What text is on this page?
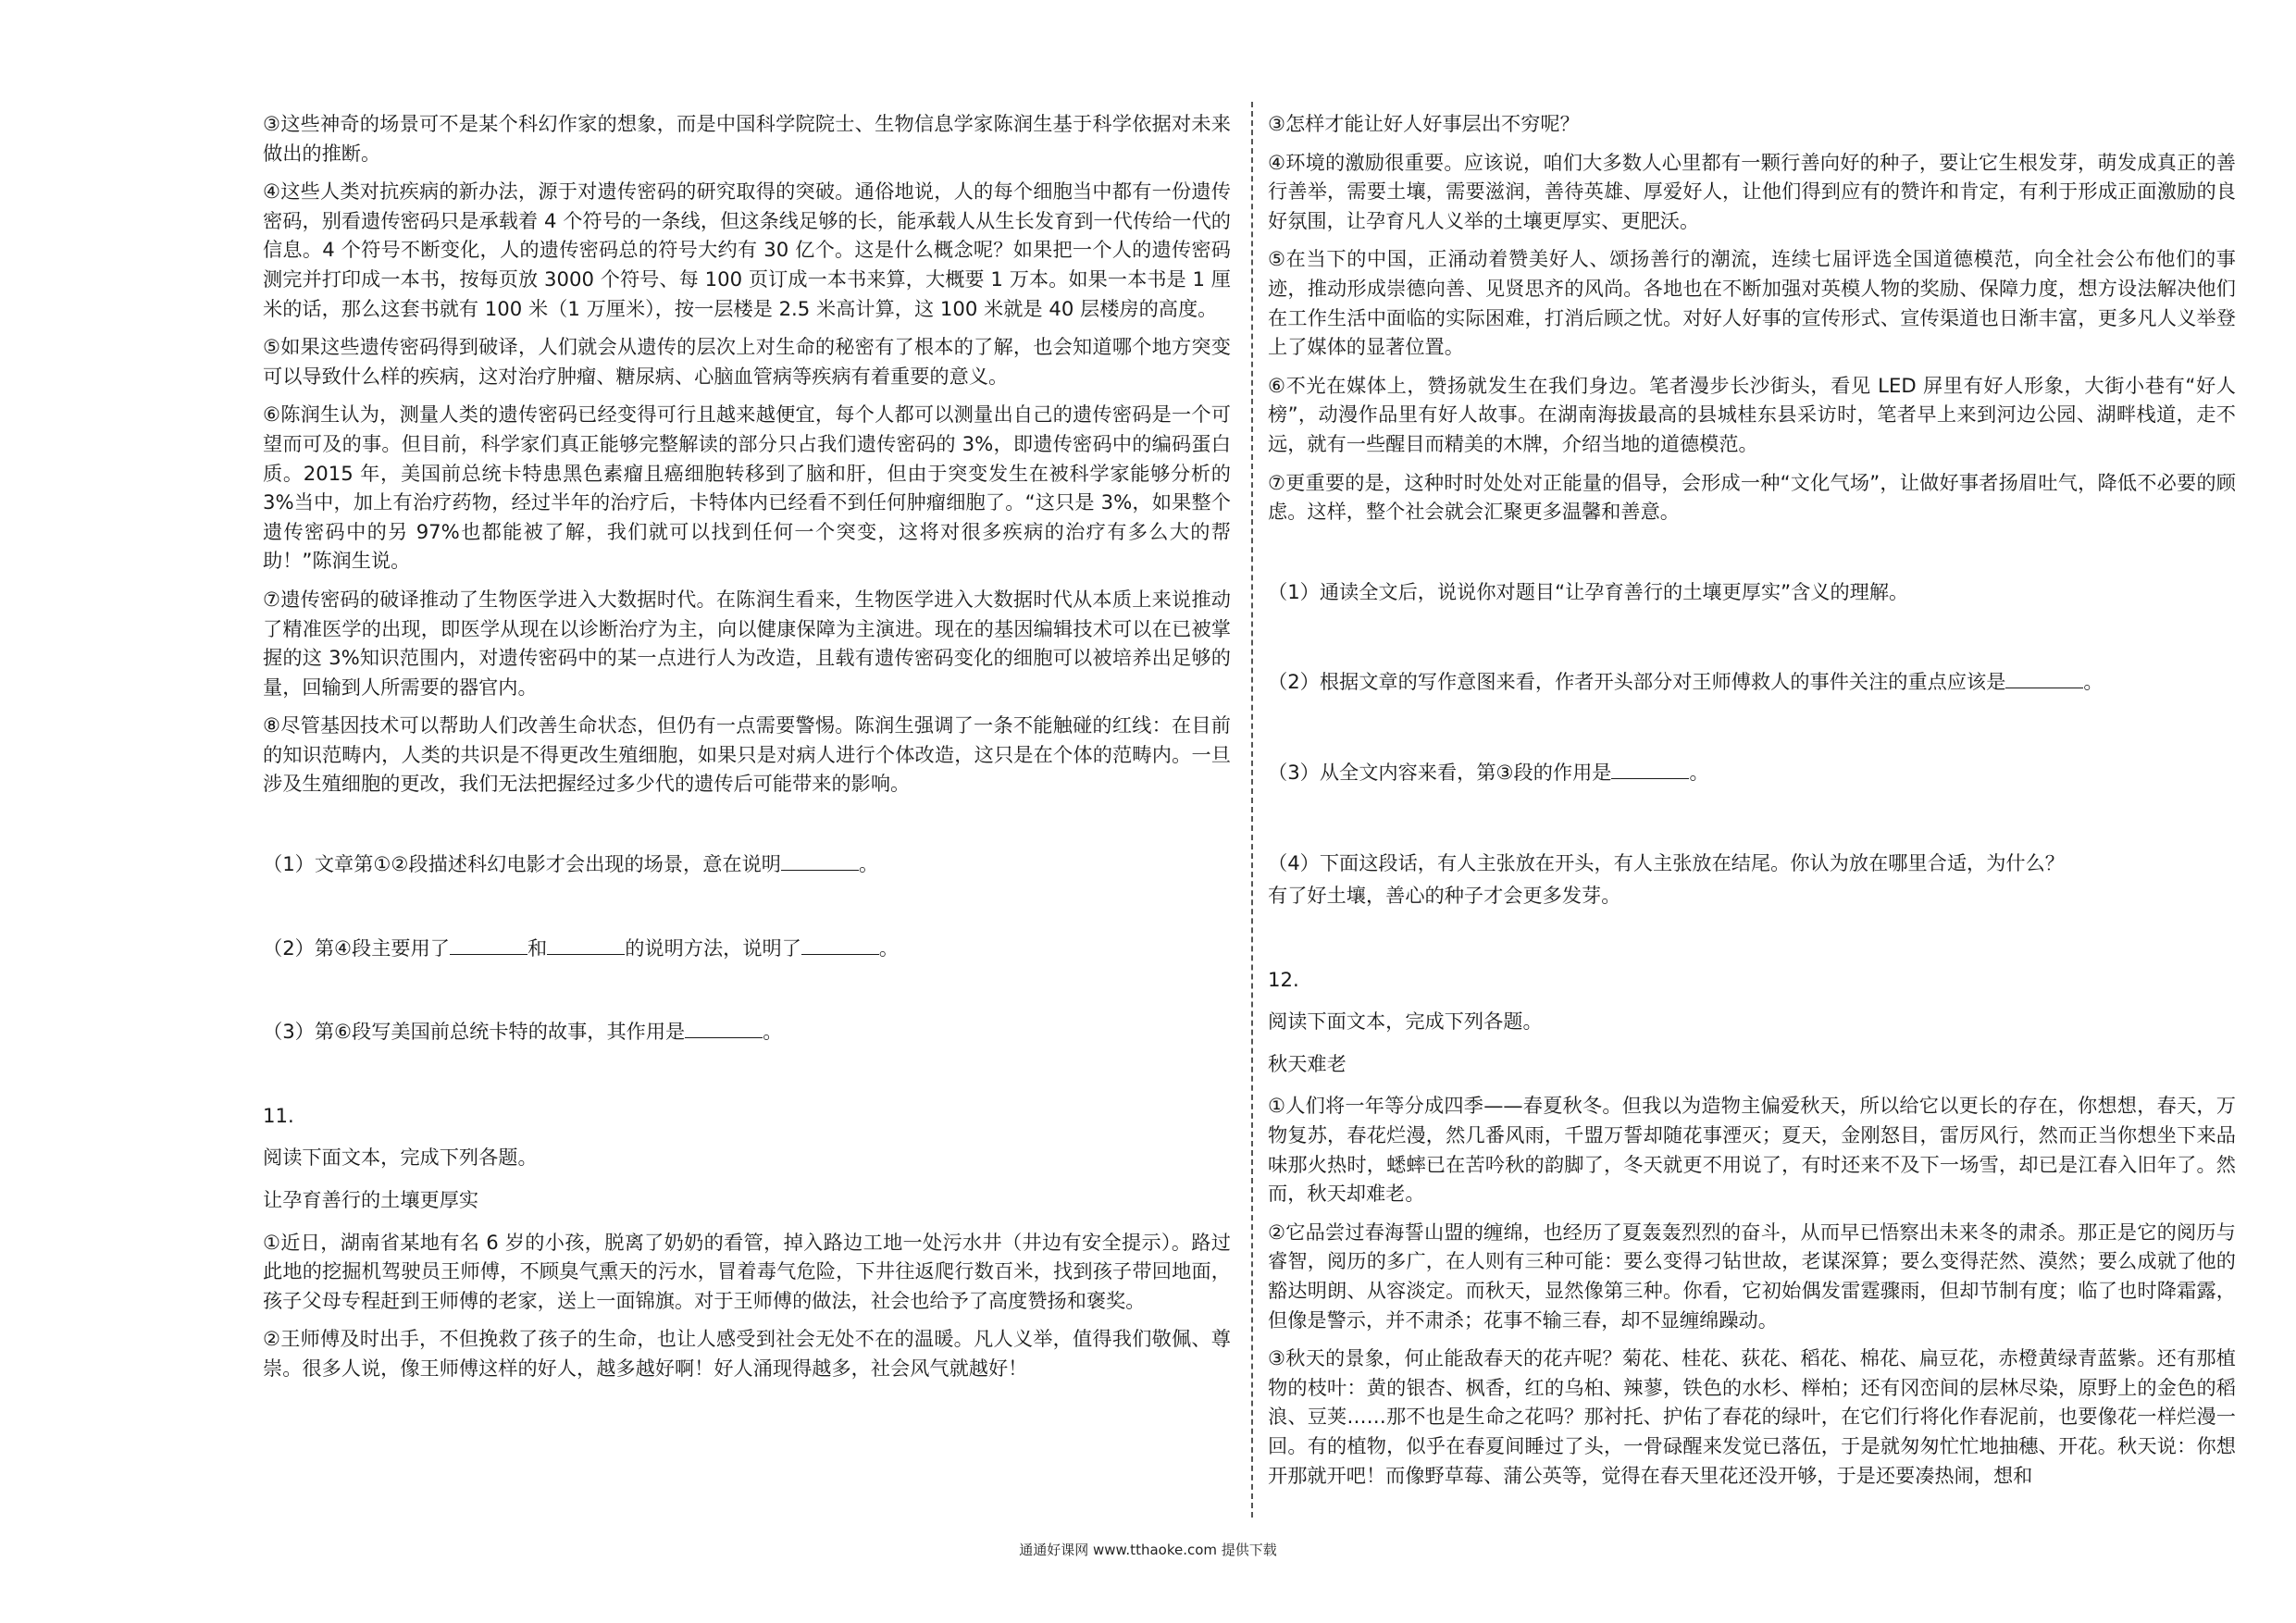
③这些神奇的场景可不是某个科幻作家的想象，而是中国科学院院士、生物信息学家陈润生基于科学依据对未来做出的推断。

④这些人类对抗疾病的新办法，源于对遗传密码的研究取得的突破。通俗地说，人的每个细胞当中都有一份遗传密码，别看遗传密码只是承载着 4 个符号的一条线，但这条线足够的长，能承载人从生长发育到一代传给一代的信息。4 个符号不断变化，人的遗传密码总的符号大约有 30 亿个。这是什么概念呢？如果把一个人的遗传密码测完并打印成一本书，按每页放 3000 个符号、每 100 页订成一本书来算，大概要 1 万本。如果一本书是 1 厘米的话，那么这套书就有 100 米（1 万厘米），按一层楼是 2.5 米高计算，这 100 米就是 40 层楼房的高度。

⑤如果这些遗传密码得到破译，人们就会从遗传的层次上对生命的秘密有了根本的了解，也会知道哪个地方突变可以导致什么样的疾病，这对治疗肿瘤、糖尿病、心脑血管病等疾病有着重要的意义。

⑥陈润生认为，测量人类的遗传密码已经变得可行且越来越便宜，每个人都可以测量出自己的遗传密码是一个可望而可及的事。但目前，科学家们真正能够完整解读的部分只占我们遗传密码的 3%，即遗传密码中的编码蛋白质。2015 年，美国前总统卡特患黑色素瘤且癌细胞转移到了脑和肝，但由于突变发生在被科学家能够分析的 3%当中，加上有治疗药物，经过半年的治疗后，卡特体内已经看不到任何肿瘤细胞了。“这只是 3%，如果整个遗传密码中的另 97%也都能被了解，我们就可以找到任何一个突变，这将对很多疾病的治疗有多么大的帮助！”陈润生说。

⑦遗传密码的破译推动了生物医学进入大数据时代。在陈润生看来，生物医学进入大数据时代从本质上来说推动了精准医学的出现，即医学从现在以诊断治疗为主，向以健康保障为主演进。现在的基因编辑技术可以在已被掌握的这 3%知识范围内，对遗传密码中的某一点进行人为改造，且载有遗传密码变化的细胞可以被培养出足够的量，回输到人所需要的器官内。

⑧尽管基因技术可以帮助人们改善生命状态，但仍有一点需要警惕。陈润生强调了一条不能触碰的红线：在目前的知识范畴内，人类的共识是不得更改生殖细胞，如果只是对病人进行个体改造，这只是在个体的范畴内。一旦涉及生殖细胞的更改，我们无法把握经过多少代的遗传后可能带来的影响。

（1）文章第①②段描述科幻电影才会出现的场景，意在说明	。

（2）第④段主要用了	和	的说明方法，说明了	。

（3）第⑥段写美国前总统卡特的故事，其作用是	。

11.

阅读下面文本，完成下列各题。

让孕育善行的土壤更厚实

①近日，湖南省某地有名 6 岁的小孩，脱离了奶奶的看管，掉入路边工地一处污水井（井边有安全提示）。路过此地的挖掘机驾驶员王师傅，不顾臭气熏天的污水，冒着毒气危险，下井往返爬行数百米，找到孩子带回地面，孩子父母专程赶到王师傅的老家，送上一面锦旗。对于王师傅的做法，社会也给予了高度赞扬和褒奖。

②王师傅及时出手，不但挽救了孩子的生命，也让人感受到社会无处不在的温暖。凡人义举，值得我们敬佩、尊崇。很多人说，像王师傅这样的好人，越多越好啊！好人涌现得越多，社会风气就越好！

③怎样才能让好人好事层出不穷呢？

④环境的激励很重要。应该说，咱们大多数人心里都有一颗行善向好的种子，要让它生根发芽，萌发成真正的善行善举，需要土壤，需要滋润，善待英雄、厚爱好人，让他们得到应有的赞许和肯定，有利于形成正面激励的良好氛围，让孕育凡人义举的土壤更厚实、更肥沃。

⑤在当下的中国，正涌动着赞美好人、颂扬善行的潮流，连续七届评选全国道德模范，向全社会公布他们的事迹，推动形成崇德向善、见贤思齐的风尚。各地也在不断加强对英模人物的奖励、保障力度，想方设法解决他们在工作生活中面临的实际困难，打消后顾之忧。对好人好事的宣传形式、宣传渠道也日渐丰富，更多凡人义举登上了媒体的显著位置。

⑥不光在媒体上，赞扬就发生在我们身边。笔者漫步长沙街头，看见 LED 屏里有好人形象，大街小巷有“好人榜”，动漫作品里有好人故事。在湖南海拔最高的县城桂东县采访时，笔者早上来到河边公园、湖畔栈道，走不远，就有一些醒目而精美的木牌，介绍当地的道德模范。

⑦更重要的是，这种时时处处对正能量的倡导，会形成一种“文化气场”，让做好事者扬眉吐气，降低不必要的顾虑。这样，整个社会就会汇聚更多温馨和善意。

（1）通读全文后，说说你对题目“让孕育善行的土壤更厚实”含义的理解。

（2）根据文章的写作意图来看，作者开头部分对王师傅救人的事件关注的重点应该是	。

（3）从全文内容来看，第③段的作用是	。

（4）下面这段话，有人主张放在开头，有人主张放在结尾。你认为放在哪里合适，为什么？

有了好土壤，善心的种子才会更多发芽。

12.

阅读下面文本，完成下列各题。

秋天难老

①人们将一年等分成四季——春夏秋冬。但我以为造物主偏爱秋天，所以给它以更长的存在，你想想，春天，万物复苏，春花烂漫，然几番风雨，千盟万誓却随花事湮灭；夏天，金刚怒目，雷厉风行，然而正当你想坐下来品味那火热时，蟋蟀已在苦吟秋的韵脚了，冬天就更不用说了，有时还来不及下一场雪，却已是江春入旧年了。然而，秋天却难老。

②它品尝过春海誓山盟的缠绵，也经历了夏轰轰烈烈的奋斗，从而早已悟察出未来冬的肃杀。那正是它的阅历与睿智，阅历的多广，在人则有三种可能：要么变得刁钻世故，老谋深算；要么变得茫然、漠然；要么成就了他的豁达明朗、从容淡定。而秋天，显然像第三种。你看，它初始偶发雷霆骤雨，但却节制有度；临了也时降霜露，但像是警示，并不肃杀；花事不输三春，却不显缠绵躁动。

③秋天的景象，何止能敌春天的花卉呢？菊花、桂花、荻花、稻花、棉花、扁豆花，赤橙黄绿青蓝紫。还有那植物的枝叶：黄的银杏、枫香，红的乌桕、辣蓼，铁色的水杉、榉柏；还有冈峦间的层林尽染，原野上的金色的稻浪、豆荚……那不也是生命之花吗？那衬托、护佑了春花的绿叶，在它们行将化作春泥前，也要像花一样烂漫一回。有的植物，似乎在春夏间睡过了头，一骨碌醒来发觉已落伍，于是就匆匆忙忙地抽穗、开花。秋天说：你想开那就开吧！而像野草莓、蒲公英等，觉得在春天里花还没开够，于是还要凑热闹，想和

通通好课网 www.tthaoke.com 提供下载
